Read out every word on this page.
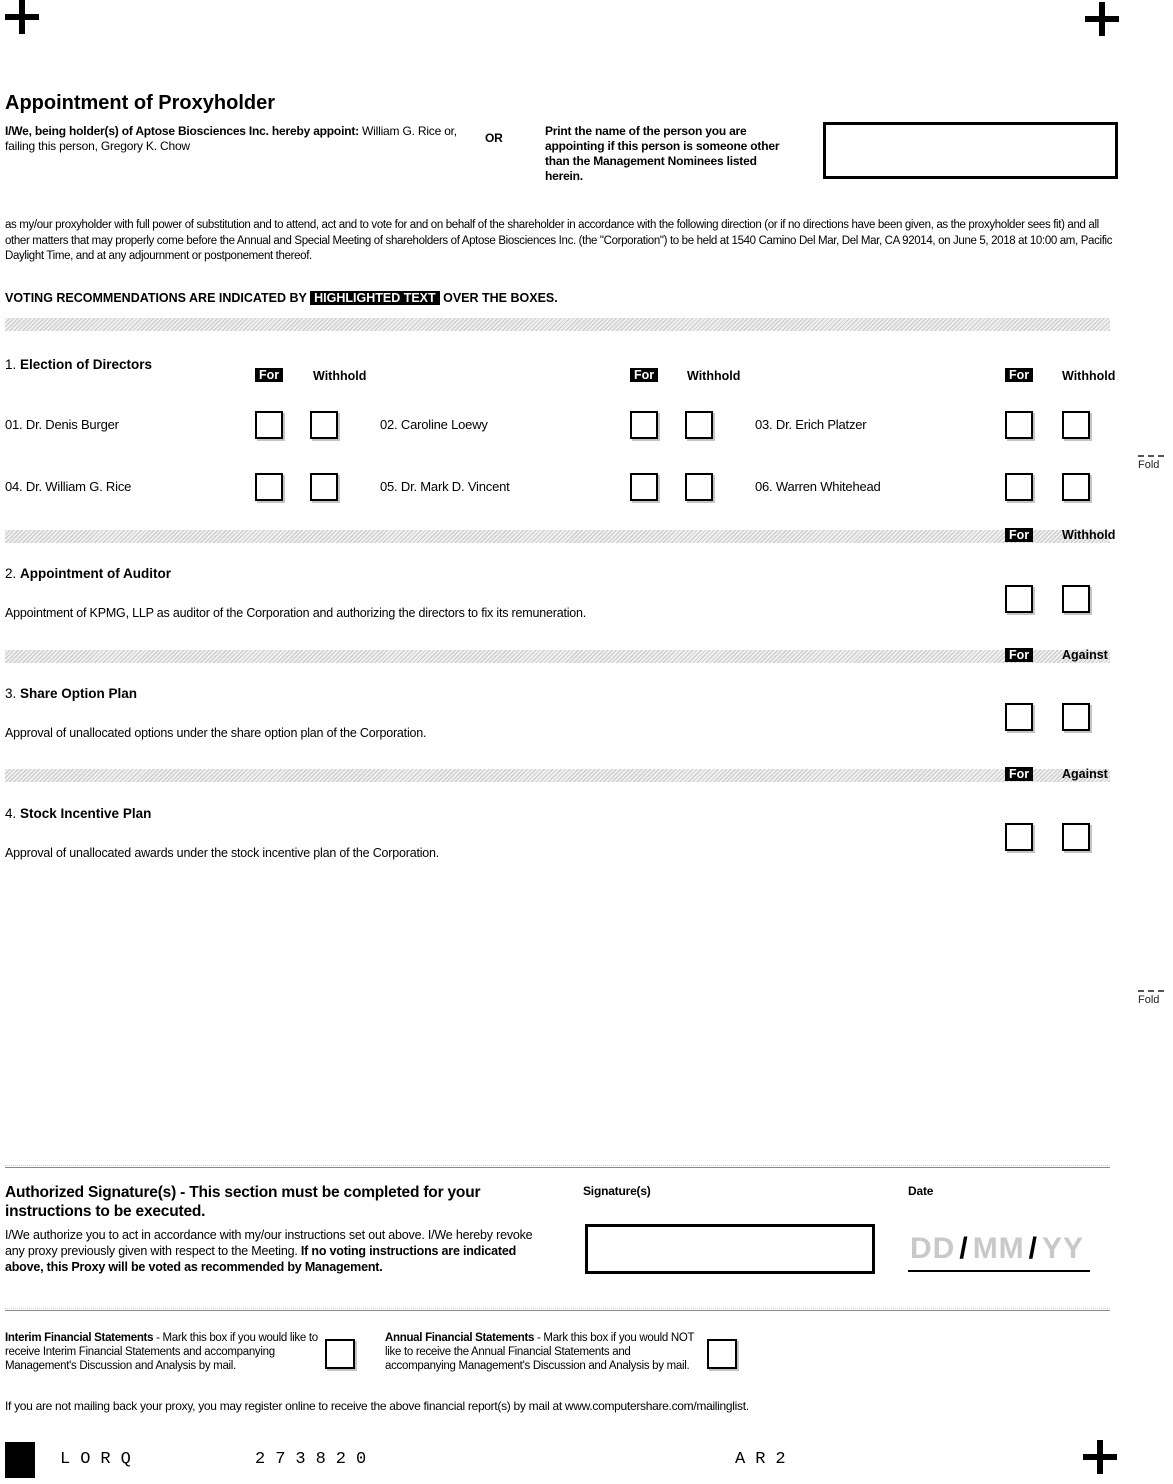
Appointment of Proxyholder
I/We, being holder(s) of Aptose Biosciences Inc. hereby appoint: William G. Rice or, failing this person, Gregory K. Chow
OR	Print the name of the person you are appointing if this person is someone other than the Management Nominees listed herein.
as my/our proxyholder with full power of substitution and to attend, act and to vote for and on behalf of the shareholder in accordance with the following direction (or if no directions have been given, as the proxyholder sees fit) and all other matters that may properly come before the Annual and Special Meeting of shareholders of Aptose Biosciences Inc. (the "Corporation") to be held at 1540 Camino Del Mar, Del Mar, CA 92014, on June 5, 2018 at 10:00 am, Pacific Daylight Time, and at any adjournment or postponement thereof.
VOTING RECOMMENDATIONS ARE INDICATED BY HIGHLIGHTED TEXT OVER THE BOXES.
1. Election of Directors
For	Withhold	For	Withhold	For	Withhold
01. Dr. Denis Burger	02. Caroline Loewy	03. Dr. Erich Platzer
04. Dr. William G. Rice	05. Dr. Mark D. Vincent	06. Warren Whitehead
Fold
For	Withhold
2. Appointment of Auditor
Appointment of KPMG, LLP as auditor of the Corporation and authorizing the directors to fix its remuneration.
For	Against
3. Share Option Plan
Approval of unallocated options under the share option plan of the Corporation.
For	Against
4. Stock Incentive Plan
Approval of unallocated awards under the stock incentive plan of the Corporation.
Fold
Authorized Signature(s) - This section must be completed for your instructions to be executed.
I/We authorize you to act in accordance with my/our instructions set out above. I/We hereby revoke any proxy previously given with respect to the Meeting. If no voting instructions are indicated above, this Proxy will be voted as recommended by Management.
Signature(s)	Date
DD / MM / YY
Interim Financial Statements - Mark this box if you would like to receive Interim Financial Statements and accompanying Management's Discussion and Analysis by mail.
Annual Financial Statements - Mark this box if you would NOT like to receive the Annual Financial Statements and accompanying Management's Discussion and Analysis by mail.
If you are not mailing back your proxy, you may register online to receive the above financial report(s) by mail at www.computershare.com/mailinglist.
LORQ	273820	AR2
